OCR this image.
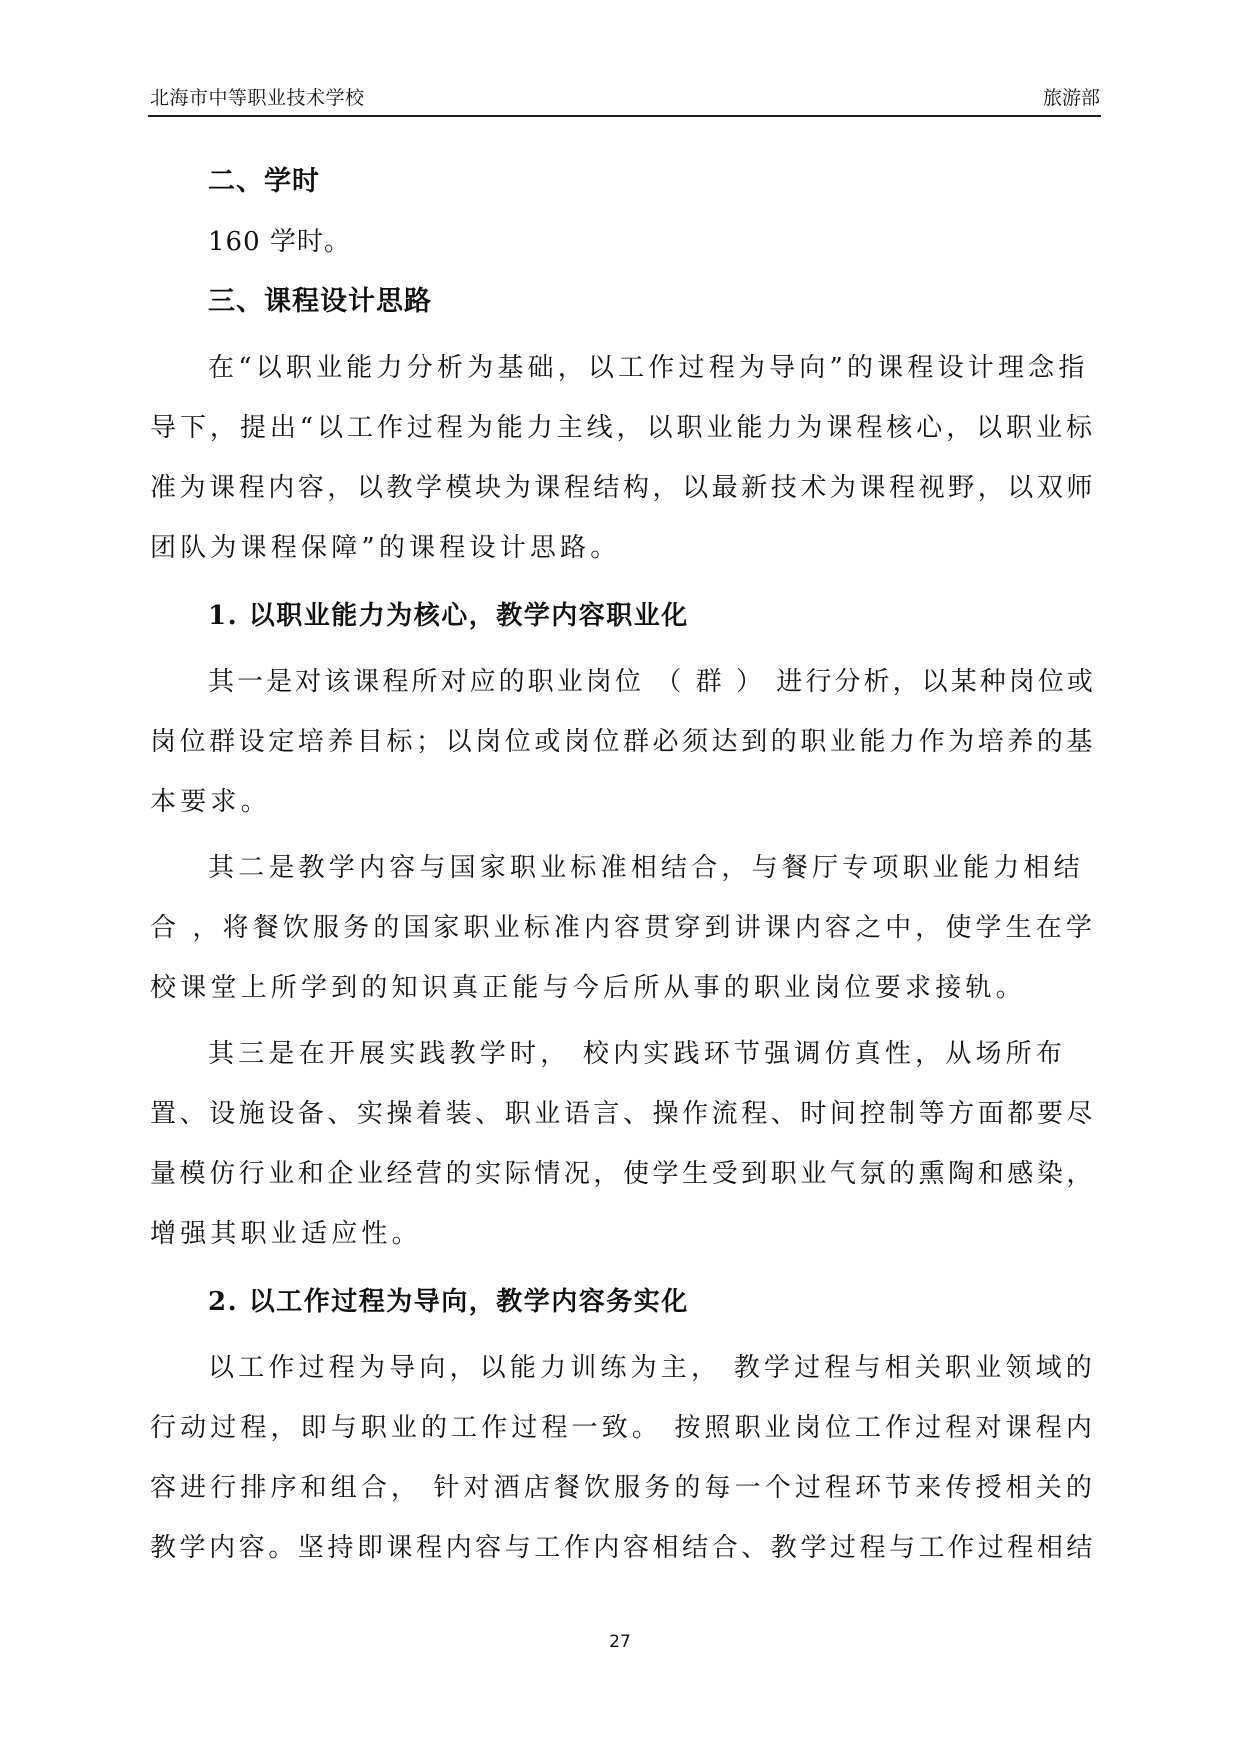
北海市中等职业技术学校	旅游部
二、学时
160 学时。
三、课程设计思路
在“以职业能力分析为基础，以工作过程为导向”的课程设计理念指
导下，提出“以工作过程为能力主线，以职业能力为课程核心，以职业标
准为课程内容，以教学模块为课程结构，以最新技术为课程视野，以双师
团队为课程保障”的课程设计思路。
1. 以职业能力为核心，教学内容职业化
其一是对该课程所对应的职业岗位 （ 群 ） 进行分析，以某种岗位或
岗位群设定培养目标；以岗位或岗位群必须达到的职业能力作为培养的基
本要求。
其二是教学内容与国家职业标准相结合，与餐厅专项职业能力相结
合 ，将餐饮服务的国家职业标准内容贯穿到讲课内容之中，使学生在学
校课堂上所学到的知识真正能与今后所从事的职业岗位要求接轨。
其三是在开展实践教学时， 校内实践环节强调仿真性，从场所布
置、设施设备、实操着装、职业语言、操作流程、时间控制等方面都要尽
量模仿行业和企业经营的实际情况，使学生受到职业气氛的熏陶和感染，
增强其职业适应性。
2. 以工作过程为导向，教学内容务实化
以工作过程为导向，以能力训练为主， 教学过程与相关职业领域的
行动过程，即与职业的工作过程一致。 按照职业岗位工作过程对课程内
容进行排序和组合， 针对酒店餐饮服务的每一个过程环节来传授相关的
教学内容。坚持即课程内容与工作内容相结合、教学过程与工作过程相结
27
